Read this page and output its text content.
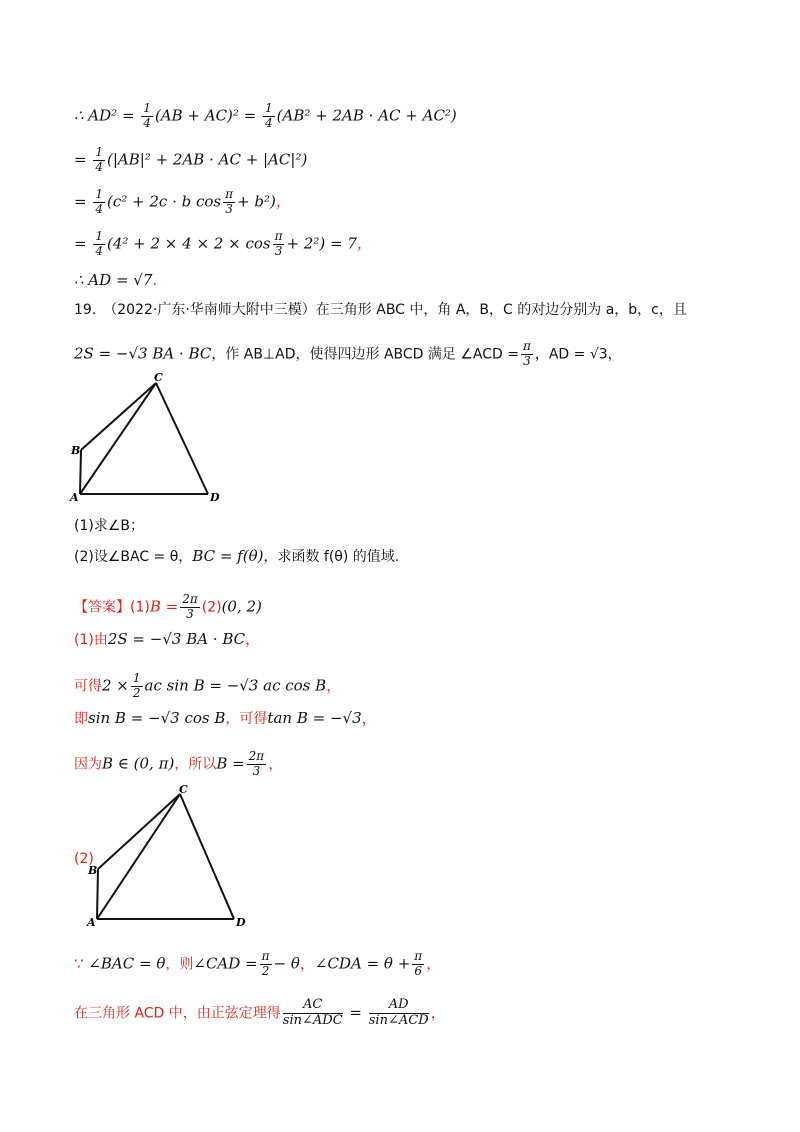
∴ $AD^2 = \frac{1}{4} (AB + AC)^2 = \frac{1}{4} (AB^2 + 2AB$ · AC + AC²)
= $\frac{1}{4} (|AB|^2 + 2AB$ · AC + |AC|²)
= $\frac{1}{4} (c^2 + 2c \cdot b$ $\cos \frac{\pi}{3} + b^2$)，
= $\frac{1}{4} (4^2 + 2 \times 4 \times 2 \times \cos \frac{\pi}{3} + 2^2) = 7$，
∴ AD = √7.
19.　（2022·广东·华南师大附中三模）在三角形 ABC 中，角 A，B，C 的对边分别为 a，b，c，且
2S = −√3 BA · BC，作 AB⊥AD，使得四边形 ABCD 满足 ∠ACD = $\frac{\pi}{3}$ ，AD = √3，
A
B
C
D
(1)求∠B；
(2)设∠BAC = θ，BC = f(θ)，求函数 f(θ) 的值域.
【答案】$(1)B = \frac{2\pi}{3} (2)(0$, 2)
(1)由2S = −√3 BA · BC，
可得$2 \times \frac{1}{2}$ ac sin B = −√3 ac cos B，
即sin B = −√3 cos B，可得tan B = −√3，
因为B ∈ (0, π)，所以$B = \frac{2\pi}{3}$ ，
(2)
A
B
C
D
∵ ∠BAC = θ，则∠CAD = $\frac{\pi}{2} - \theta$，∠CDA = $\theta + \frac{\pi}{6}$ ，
在三角形 ACD 中，由正弦定理得 $\frac{AC}{\text{sin∠ADC}} = \frac{AD}{\text{sin∠ACD}}$ ，
